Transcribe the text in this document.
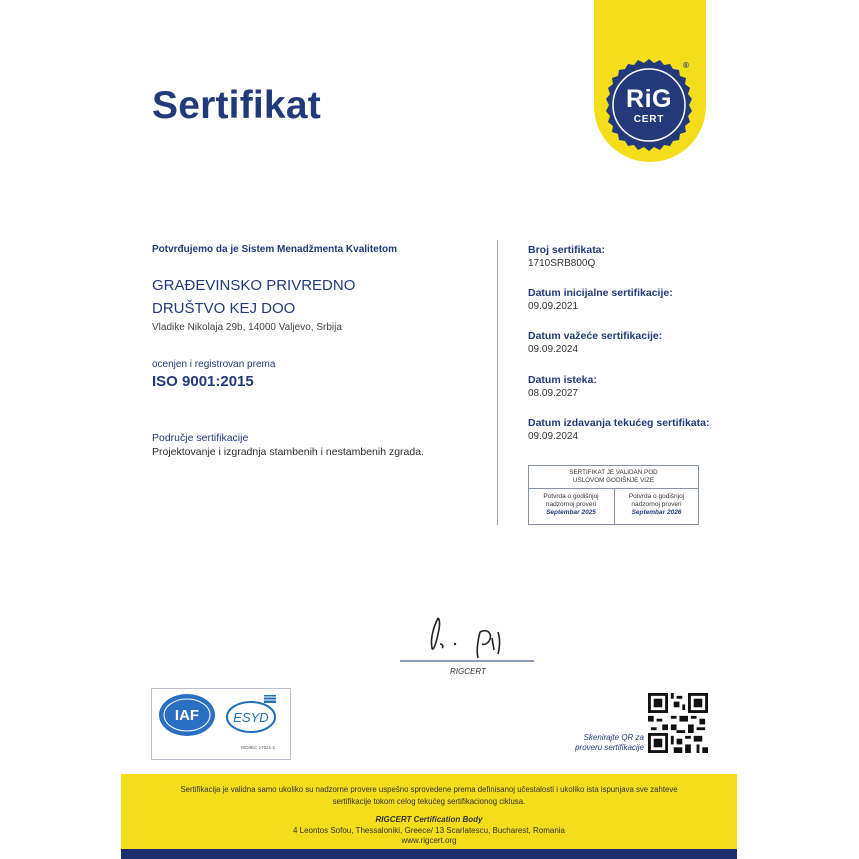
Sertifikat	RiG
CERT
®
Potvrđujemo da je Sistem Menadžmenta Kvalitetom
GRAĐEVINSKO PRIVREDNO
DRUŠTVO KEJ DOO
Vladike Nikolaja 29b, 14000 Valjevo, Srbija
ocenjen i registrovan prema
ISO 9001:2015
Područje sertifikacije
Projektovanje i izgradnja stambenih i nestambenih zgrada.
Broj sertifikata:
1710SRB800Q
Datum inicijalne sertifikacije:
09.09.2021
Datum važeće sertifikacije:
09.09.2024
Datum isteka:
08.09.2027
Datum izdavanja tekućeg sertifikata:
09.09.2024
SERTIFIKAT JE VALIDAN POD
USLOVOM GODIŠNJE VIZE
Potvrda o godišnjoj
nadzornoj proveri
Septembar 2025
Potvrda o godišnjoj
nadzornoj proveri
Septembar 2026
RIGCERT
IAF	ESYD
ISO/IEC 17021-1
Skenirajte QR za
proveru sertifikacije
Sertifikacija je validna samo ukoliko su nadzorne provere uspešno sprovedene prema definisanoj učestalosti i ukoliko ista ispunjava sve zahteve
sertifikacije tokom celog tekućeg sertifikacionog ciklusa.
RIGCERT Certification Body
4 Leontos Sofou, Thessaloniki, Greece/ 13 Scarlatescu, Bucharest, Romania
www.rigcert.org
